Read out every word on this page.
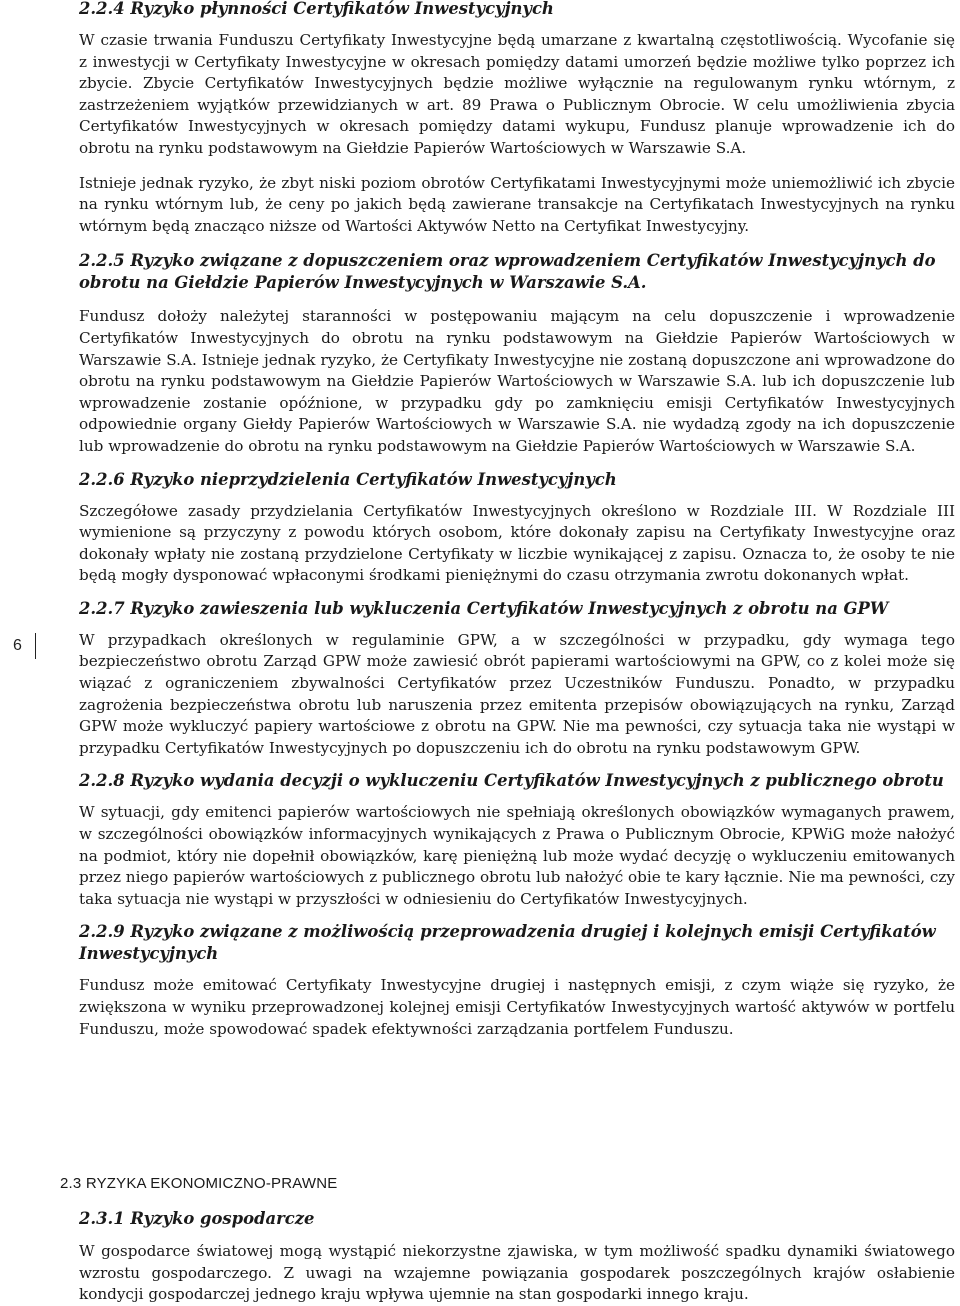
6
2.2.4 Ryzyko płynności Certyfikatów Inwestycyjnych

W czasie trwania Funduszu Certyfikaty Inwestycyjne będą umarzane z kwartalną częstotliwością. Wycofanie się z inwestycji w Certyfikaty Inwestycyjne w okresach pomiędzy datami umorzeń będzie możliwe tylko poprzez ich zbycie. Zbycie Certyfikatów Inwestycyjnych będzie możliwe wyłącznie na regulowanym rynku wtórnym, z zastrzeżeniem wyjątków przewidzianych w art. 89 Prawa o Publicznym Obrocie. W celu umożliwienia zbycia Certyfikatów Inwestycyjnych w okresach pomiędzy datami wykupu, Fundusz planuje wprowadzenie ich do obrotu na rynku podstawowym na Giełdzie Papierów Wartościowych w Warszawie S.A.

Istnieje jednak ryzyko, że zbyt niski poziom obrotów Certyfikatami Inwestycyjnymi może uniemożliwić ich zbycie na rynku wtórnym lub, że ceny po jakich będą zawierane transakcje na Certyfikatach Inwestycyjnych na rynku wtórnym będą znacząco niższe od Wartości Aktywów Netto na Certyfikat Inwestycyjny.

2.2.5 Ryzyko związane z dopuszczeniem oraz wprowadzeniem Certyfikatów Inwestycyjnych do obrotu na Giełdzie Papierów Inwestycyjnych w Warszawie S.A.

Fundusz dołoży należytej staranności w postępowaniu mającym na celu dopuszczenie i wprowadzenie Certyfikatów Inwestycyjnych do obrotu na rynku podstawowym na Giełdzie Papierów Wartościowych w Warszawie S.A. Istnieje jednak ryzyko, że Certyfikaty Inwestycyjne nie zostaną dopuszczone ani wprowadzone do obrotu na rynku podstawowym na Giełdzie Papierów Wartościowych w Warszawie S.A. lub ich dopuszczenie lub wprowadzenie zostanie opóźnione, w przypadku gdy po zamknięciu emisji Certyfikatów Inwestycyjnych odpowiednie organy Giełdy Papierów Wartościowych w Warszawie S.A. nie wydadzą zgody na ich dopuszczenie lub wprowadzenie do obrotu na rynku podstawowym na Giełdzie Papierów Wartościowych w Warszawie S.A.

2.2.6 Ryzyko nieprzydzielenia Certyfikatów Inwestycyjnych

Szczegółowe zasady przydzielania Certyfikatów Inwestycyjnych określono w Rozdziale III. W Rozdziale III wymienione są przyczyny z powodu których osobom, które dokonały zapisu na Certyfikaty Inwestycyjne oraz dokonały wpłaty nie zostaną przydzielone Certyfikaty w liczbie wynikającej z zapisu. Oznacza to, że osoby te nie będą mogły dysponować wpłaconymi środkami pieniężnymi do czasu otrzymania zwrotu dokonanych wpłat.

2.2.7 Ryzyko zawieszenia lub wykluczenia Certyfikatów Inwestycyjnych z obrotu na GPW

W przypadkach określonych w regulaminie GPW, a w szczególności w przypadku, gdy wymaga tego bezpieczeństwo obrotu Zarząd GPW może zawiesić obrót papierami wartościowymi na GPW, co z kolei może się wiązać z ograniczeniem zbywalności Certyfikatów przez Uczestników Funduszu. Ponadto, w przypadku zagrożenia bezpieczeństwa obrotu lub naruszenia przez emitenta przepisów obowiązujących na rynku, Zarząd GPW może wykluczyć papiery wartościowe z obrotu na GPW. Nie ma pewności, czy sytuacja taka nie wystąpi w przypadku Certyfikatów Inwestycyjnych po dopuszczeniu ich do obrotu na rynku podstawowym GPW.

2.2.8 Ryzyko wydania decyzji o wykluczeniu Certyfikatów Inwestycyjnych z publicznego obrotu

W sytuacji, gdy emitenci papierów wartościowych nie spełniają określonych obowiązków wymaganych prawem, w szczególności obowiązków informacyjnych wynikających z Prawa o Publicznym Obrocie, KPWiG może nałożyć na podmiot, który nie dopełnił obowiązków, karę pieniężną lub może wydać decyzję o wykluczeniu emitowanych przez niego papierów wartościowych z publicznego obrotu lub nałożyć obie te kary łącznie. Nie ma pewności, czy taka sytuacja nie wystąpi w przyszłości w odniesieniu do Certyfikatów Inwestycyjnych.

2.2.9 Ryzyko związane z możliwością przeprowadzenia drugiej i kolejnych emisji Certyfikatów Inwestycyjnych

Fundusz może emitować Certyfikaty Inwestycyjne drugiej i następnych emisji, z czym wiąże się ryzyko, że zwiększona w wyniku przeprowadzonej kolejnej emisji Certyfikatów Inwestycyjnych wartość aktywów w portfelu Funduszu, może spowodować spadek efektywności zarządzania portfelem Funduszu.

2.3 RYZYKA EKONOMICZNO-PRAWNE
2.3.1 Ryzyko gospodarcze

W gospodarce światowej mogą wystąpić niekorzystne zjawiska, w tym możliwość spadku dynamiki światowego wzrostu gospodarczego. Z uwagi na wzajemne powiązania gospodarek poszczególnych krajów osłabienie kondycji gospodarczej jednego kraju wpływa ujemnie na stan gospodarki innego kraju.
